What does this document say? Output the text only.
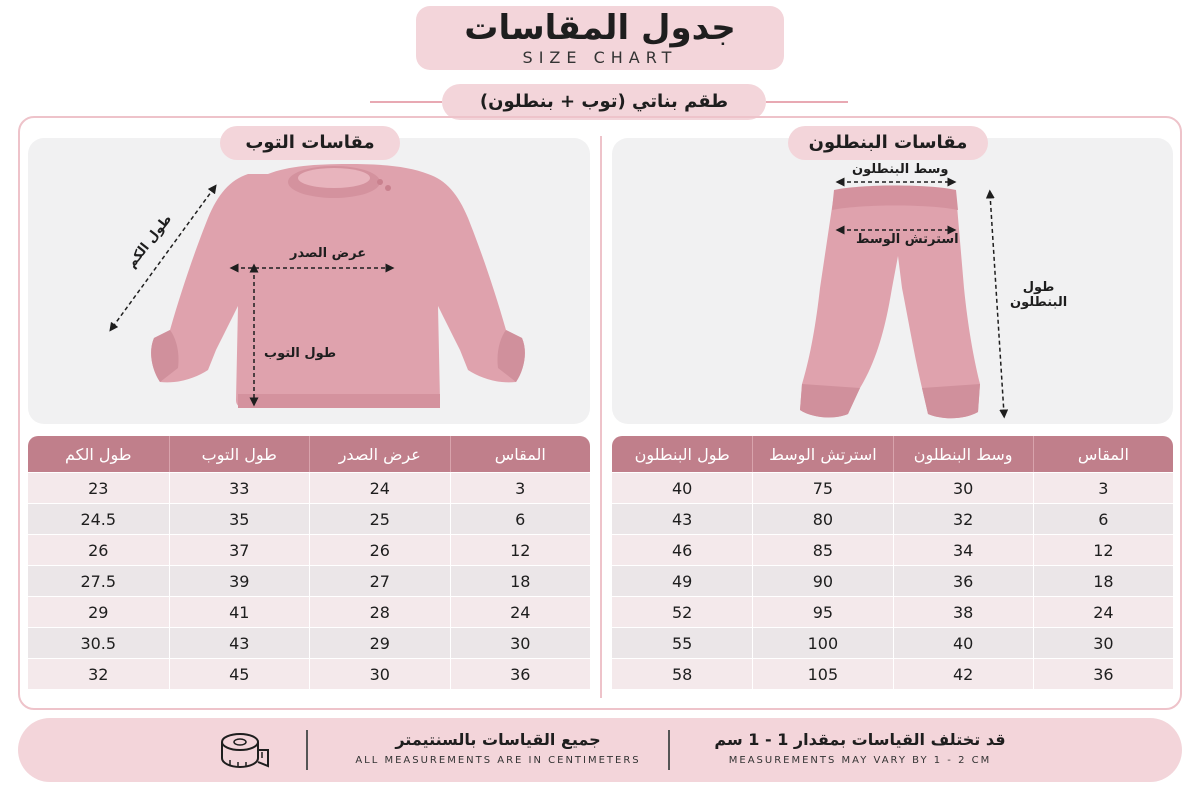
جدول المقاسات
SIZE CHART
طقم بناتي (توب + بنطلون)
طول الكم	عرض الصدر
طول التوب
مقاسات التوب
المقاس	عرض الصدر	طول التوب	طول الكم
3	24	33	23
6	25	35	24.5
12	26	37	26
18	27	39	27.5
24	28	41	29
30	29	43	30.5
36	30	45	32
وسط البنطلون
استرتش الوسط
طول
البنطلون
مقاسات البنطلون
المقاس	وسط البنطلون	استرتش الوسط	طول البنطلون
3	30	75	40
6	32	80	43
12	34	85	46
18	36	90	49
24	38	95	52
30	40	100	55
36	42	105	58
جميع القياسات بالسنتيمتر
ALL MEASUREMENTS ARE IN CENTIMETERS
قد تختلف القياسات بمقدار 1 - 1 سم
MEASUREMENTS MAY VARY BY 1 - 2 CM
